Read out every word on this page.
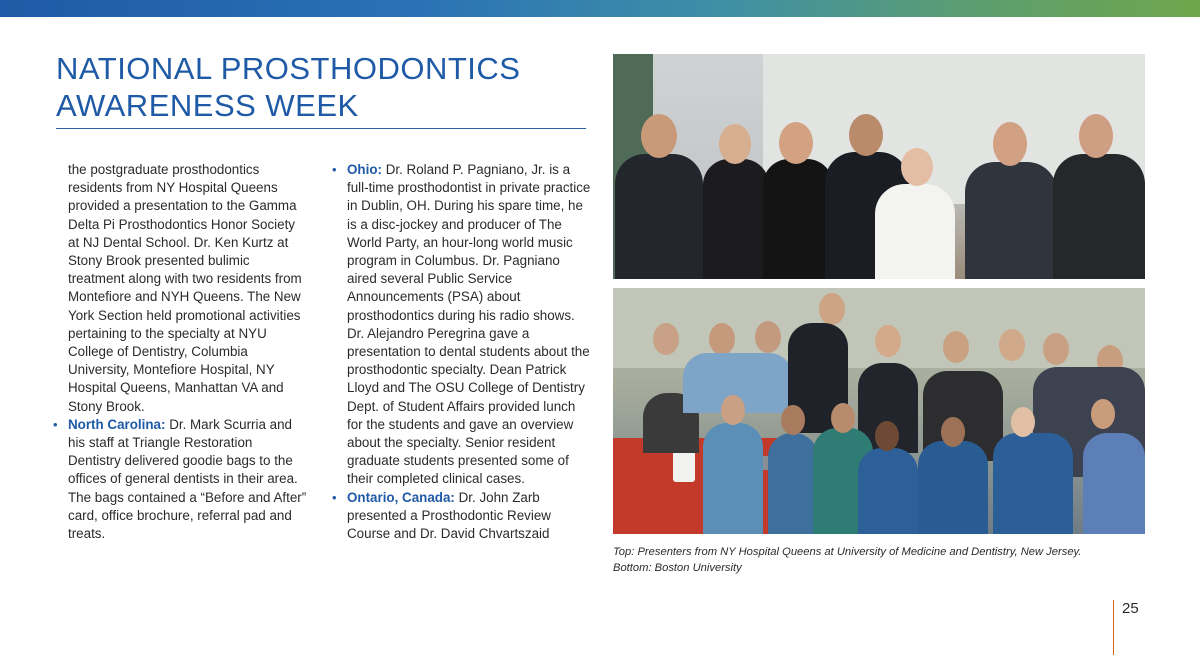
NATIONAL PROSTHODONTICS
AWARENESS WEEK

the postgraduate prosthodontics residents from NY Hospital Queens provided a presentation to the Gamma Delta Pi Prosthodontics Honor Society at NJ Dental School. Dr. Ken Kurtz at Stony Brook presented bulimic treatment along with two residents from Montefiore and NYH Queens. The New York Section held promotional activities pertaining to the specialty at NYU College of Dentistry, Columbia University, Montefiore Hospital, NY Hospital Queens, Manhattan VA and Stony Brook.

• North Carolina: Dr. Mark Scurria and his staff at Triangle Restoration Dentistry delivered goodie bags to the offices of general dentists in their area. The bags contained a “Before and After” card, office brochure, referral pad and treats.

• Ohio: Dr. Roland P. Pagniano, Jr. is a full-time prosthodontist in private practice in Dublin, OH. During his spare time, he is a disc-jockey and producer of The World Party, an hour-long world music program in Columbus. Dr. Pagniano aired several Public Service Announcements (PSA) about prosthodontics during his radio shows. Dr. Alejandro Peregrina gave a presentation to dental students about the prosthodontic specialty. Dean Patrick Lloyd and The OSU College of Dentistry Dept. of Student Affairs provided lunch for the students and gave an overview about the specialty. Senior resident graduate students presented some of their completed clinical cases.

• Ontario, Canada: Dr. John Zarb presented a Prosthodontic Review Course and Dr. David Chvartszaid

Top: Presenters from NY Hospital Queens at University of Medicine and Dentistry, New Jersey.

Bottom: Boston University

25
